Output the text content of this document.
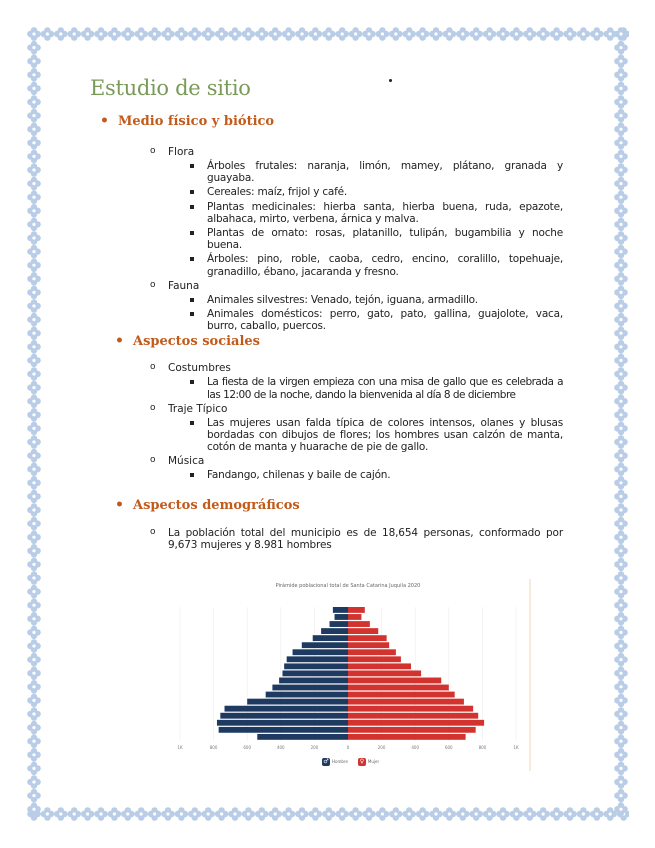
Estudio de sitio
• Medio físico y biótico
o Flora
Árboles frutales: naranja, limón, mamey, plátano, granada y guayaba.
Cereales: maíz, frijol y café.
Plantas medicinales: hierba santa, hierba buena, ruda, epazote, albahaca, mirto, verbena, árnica y malva.
Plantas de ornato: rosas, platanillo, tulipán, bugambilia y noche buena.
Árboles: pino, roble, caoba, cedro, encino, coralillo, topehuaje, granadillo, ébano, jacaranda y fresno.
o Fauna
Animales silvestres: Venado, tejón, iguana, armadillo.
Animales domésticos: perro, gato, pato, gallina, guajolote, vaca, burro, caballo, puercos.
• Aspectos sociales
o Costumbres
La fiesta de la virgen empieza con una misa de gallo que es celebrada a las 12:00 de la noche, dando la bienvenida al día 8 de diciembre
o Traje Típico
Las mujeres usan falda típica de colores intensos, olanes y blusas bordadas con dibujos de flores; los hombres usan calzón de manta, cotón de manta y huarache de pie de gallo.
o Música
Fandango, chilenas y baile de cajón.
• Aspectos demográficos
o La población total del municipio es de 18,654 personas, conformado por 9,673 mujeres y 8.981 hombres
Pirámide poblacional total de Santa Catarina Juquila 2020
1K	800	600	400	200	0	200	400	600	800	1K
♂ Hombre ♀ Mujer
